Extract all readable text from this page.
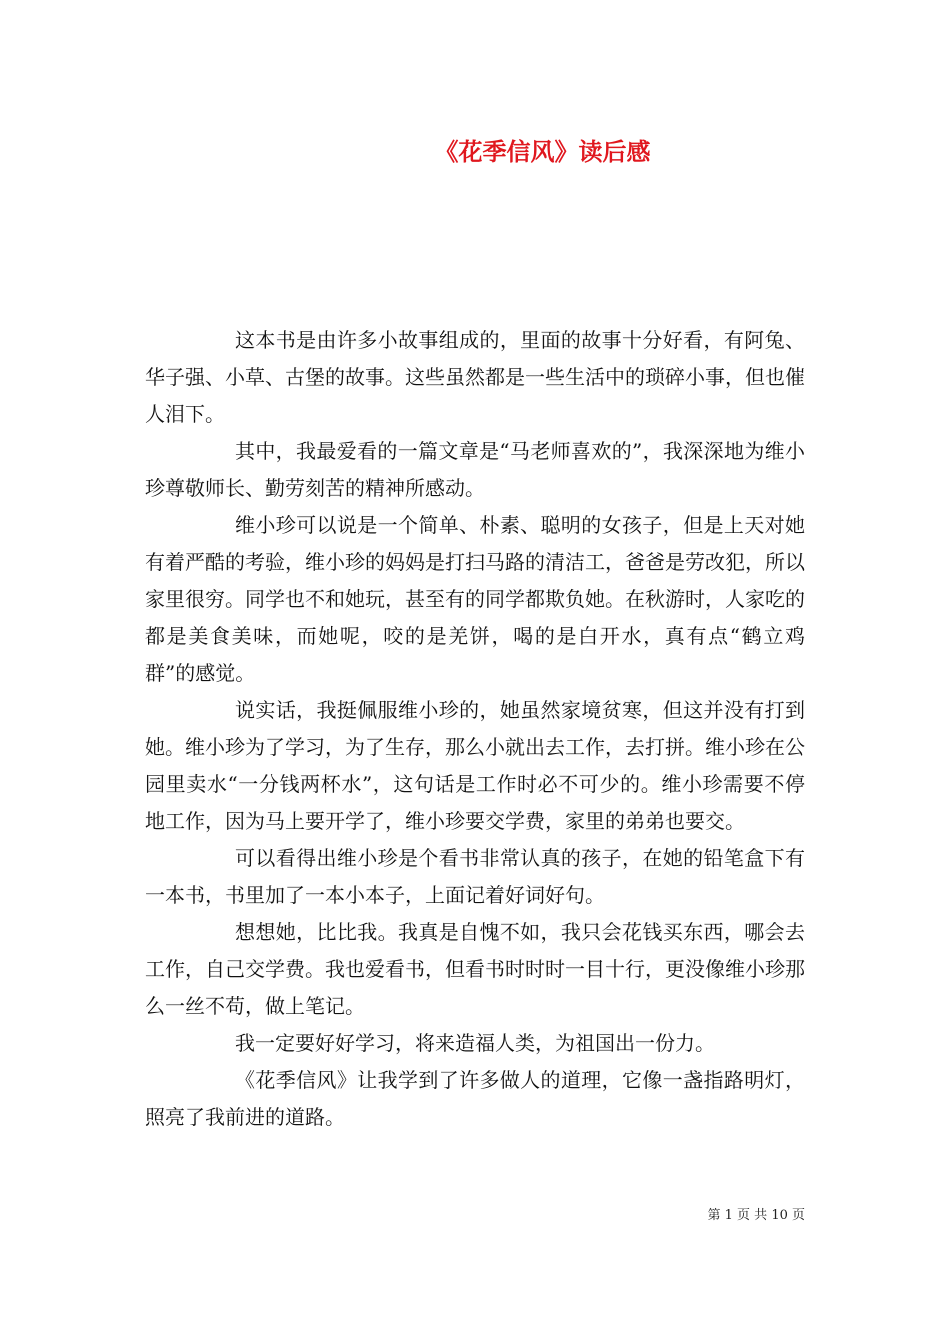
《花季信风》读后感

这本书是由许多小故事组成的，里面的故事十分好看，有阿兔、华子强、小草、古堡的故事。这些虽然都是一些生活中的琐碎小事，但也催人泪下。

其中，我最爱看的一篇文章是“马老师喜欢的”，我深深地为维小珍尊敬师长、勤劳刻苦的精神所感动。

维小珍可以说是一个简单、朴素、聪明的女孩子，但是上天对她有着严酷的考验，维小珍的妈妈是打扫马路的清洁工，爸爸是劳改犯，所以家里很穷。同学也不和她玩，甚至有的同学都欺负她。在秋游时，人家吃的都是美食美味，而她呢，咬的是羌饼，喝的是白开水，真有点“鹤立鸡群”的感觉。

说实话，我挺佩服维小珍的，她虽然家境贫寒，但这并没有打到她。维小珍为了学习，为了生存，那么小就出去工作，去打拼。维小珍在公园里卖水“一分钱两杯水”，这句话是工作时必不可少的。维小珍需要不停地工作，因为马上要开学了，维小珍要交学费，家里的弟弟也要交。

可以看得出维小珍是个看书非常认真的孩子，在她的铅笔盒下有一本书，书里加了一本小本子，上面记着好词好句。

想想她，比比我。我真是自愧不如，我只会花钱买东西，哪会去工作，自己交学费。我也爱看书，但看书时时时一目十行，更没像维小珍那么一丝不苟，做上笔记。

我一定要好好学习，将来造福人类，为祖国出一份力。

《花季信风》让我学到了许多做人的道理，它像一盏指路明灯，照亮了我前进的道路。

第 1 页 共 10 页
